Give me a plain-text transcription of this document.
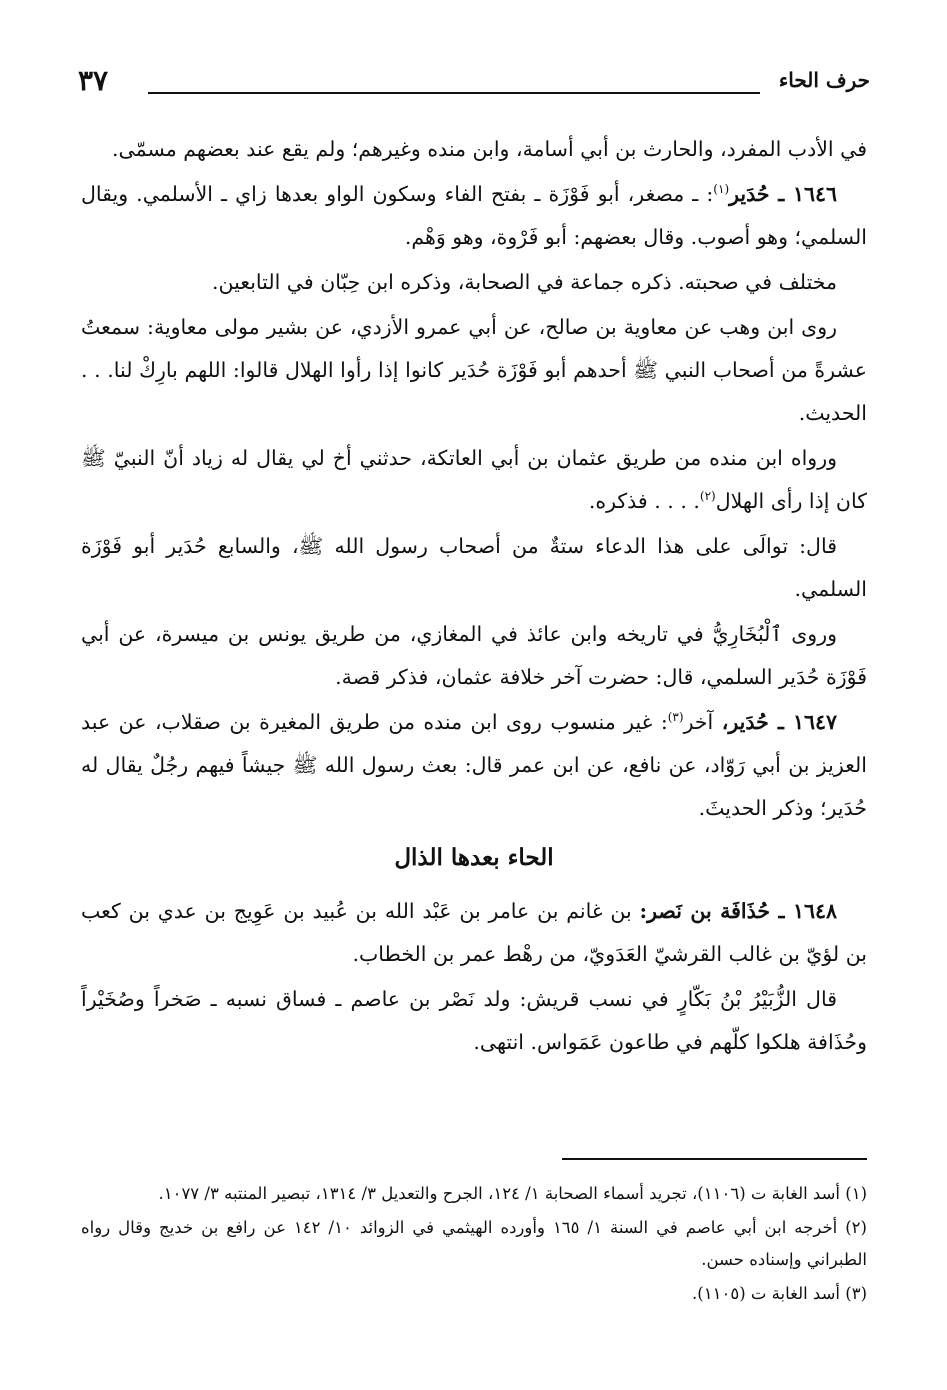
حرف الحاء
٣٧

في الأدب المفرد، والحارث بن أبي أسامة، وابن منده وغيرهم؛ ولم يقع عند بعضهم مسمّى.

١٦٤٦ ـ حُدَير$^{(١)}$: ـ مصغر، أبو فَوْزَة ـ بفتح الفاء وسكون الواو بعدها زاي ـ الأسلمي. ويقال السلمي؛ وهو أصوب. وقال بعضهم: أبو فَرْوة، وهو وَهْم.

مختلف في صحبته. ذكره جماعة في الصحابة، وذكره ابن حِبّان في التابعين.

روى ابن وهب عن معاوية بن صالح، عن أبي عمرو الأزدي، عن بشير مولى معاوية: سمعتُ عشرةً من أصحاب النبي ﷺ أحدهم أبو فَوْزَة حُدَير كانوا إذا رأوا الهلال قالوا: اللهم بارِكْ لنا. . . الحديث.

ورواه ابن منده من طريق عثمان بن أبي العاتكة، حدثني أخ لي يقال له زياد أنّ النبيّ ﷺ كان إذا رأى الهلال$^{(٢)}$. . . . فذكره.

قال: توالَى على هذا الدعاء ستةٌ من أصحاب رسول الله ﷺ، والسابع حُدَير أبو فَوْزَة السلمي.

وروى ٱلْبُخَارِيُّ في تاريخه وابن عائذ في المغازي، من طريق يونس بن ميسرة، عن أبي فَوْزَة حُدَير السلمي، قال: حضرت آخر خلافة عثمان، فذكر قصة.

١٦٤٧ ـ حُدَير، آخر$^{(٣)}$: غير منسوب روى ابن منده من طريق المغيرة بن صقلاب، عن عبد العزيز بن أبي رَوّاد، عن نافع، عن ابن عمر قال: بعث رسول الله ﷺ جيشاً فيهم رجُلٌ يقال له حُدَير؛ وذكر الحديثَ.

الحاء بعدها الذال

١٦٤٨ ـ حُذَافَة بن نَصر: بن غانم بن عامر بن عَبْد الله بن عُبيد بن عَوِيج بن عدي بن كعب بن لؤيّ بن غالب القرشيّ العَدَويّ، من رهْط عمر بن الخطاب.

قال الزُّبَيْرُ بْنُ بَكّارٍ في نسب قريش: ولد نَصْر بن عاصم ـ فساق نسبه ـ صَخراً وصُخَيْراً وحُذَافة هلكوا كلّهم في طاعون عَمَواس. انتهى.

(١) أسد الغابة ت (١١٠٦)، تجريد أسماء الصحابة ١/ ١٢٤، الجرح والتعديل ٣/ ١٣١٤، تبصير المنتبه ٣/ ١٠٧٧.

(٢) أخرجه ابن أبي عاصم في السنة ١/ ١٦٥ وأورده الهيثمي في الزوائد ١٠/ ١٤٢ عن رافع بن خديج وقال رواه الطبراني وإسناده حسن.

(٣) أسد الغابة ت (١١٠٥).
